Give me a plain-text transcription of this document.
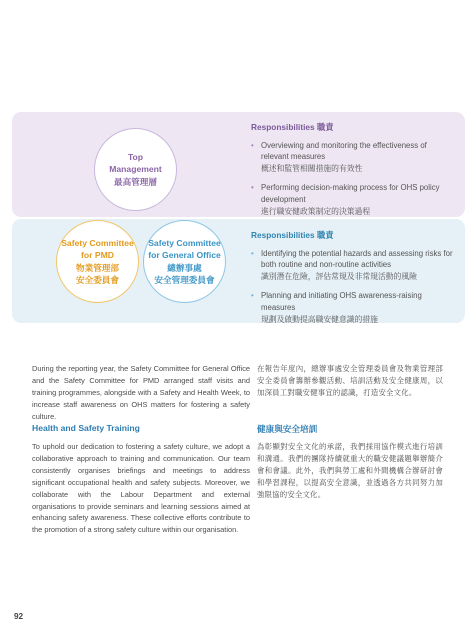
Top
Management
最高管理層
Safety Committee
for PMD
物業管理部
安全委員會
Safety Committee
for General Office
總辦事處
安全管理委員會
Responsibilities 職責
• Overviewing and monitoring the effectiveness of relevant measures
概述和監管相關措施的有效性
• Performing decision-making process for OHS policy development
進行職安健政策制定的決策過程
Responsibilities 職責
• Identifying the potential hazards and assessing risks for both routine and non-routine activities
識別潛在危險，評估常規及非常規活動的風險
• Planning and initiating OHS awareness-raising measures
規劃及啟動提高職安健意識的措施

During the reporting year, the Safety Committee for General Office and the Safety Committee for PMD arranged staff visits and training programmes, alongside with a Safety and Health Week, to increase staff awareness on OHS matters for fostering a safety culture.

在報告年度內，總辦事處安全管理委員會及物業管理部安全委員會籌辦參觀活動、培訓活動及安全健康周，以加深員工對職安健事宜的認識，打造安全文化。

Health and Safety Training	健康與安全培訓

To uphold our dedication to fostering a safety culture, we adopt a collaborative approach to training and communication. Our team consistently organises briefings and meetings to address significant occupational health and safety subjects. Moreover, we collaborate with the Labour Department and external organisations to provide seminars and learning sessions aimed at enhancing safety awareness. These collective efforts contribute to the promotion of a strong safety culture within our organisation.

為彰顯對安全文化的承諾，我們採用協作模式進行培訓和溝通。我們的團隊持續就重大的職安健議題舉辦簡介會和會議。此外，我們與勞工處和外間機構合辦研討會和學習課程，以提高安全意識，並透過各方共同努力加強限協的安全文化。

92
